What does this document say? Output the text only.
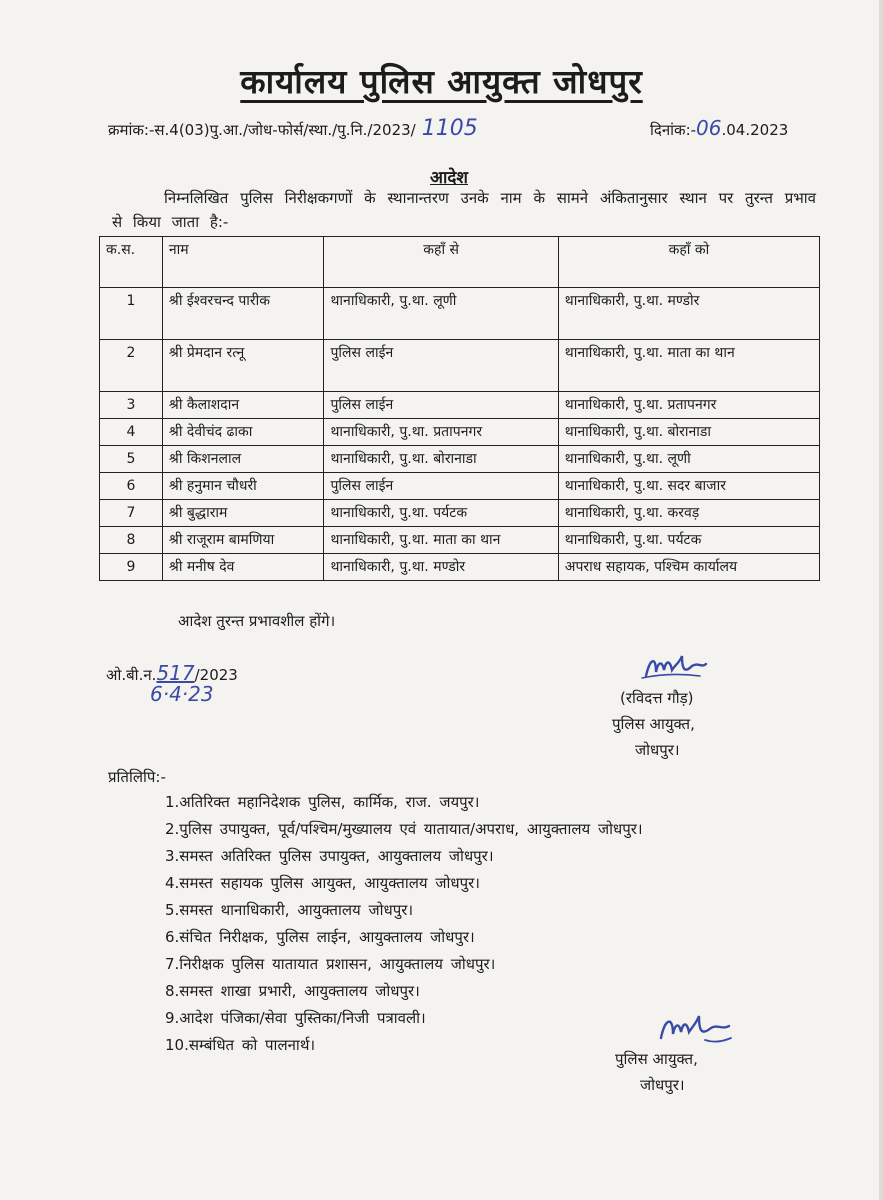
कार्यालय पुलिस आयुक्त जोधपुर
क्रमांक:-स.4(03)पु.आ./जोध-फोर्स/स्था./पु.नि./2023/ 1105	दिनांक:-06.04.2023
आदेश
निम्नलिखित पुलिस निरीक्षकगणों के स्थानान्तरण उनके नाम के सामने अंकितानुसार स्थान पर तुरन्त प्रभाव से किया जाता है:-
क.स.	नाम	कहाँ से	कहाँ को
1	श्री ईश्वरचन्द पारीक	थानाधिकारी, पु.था. लूणी	थानाधिकारी, पु.था. मण्डोर
2	श्री प्रेमदान रत्नू	पुलिस लाईन	थानाधिकारी, पु.था. माता का थान
3	श्री कैलाशदान	पुलिस लाईन	थानाधिकारी, पु.था. प्रतापनगर
4	श्री देवीचंद ढाका	थानाधिकारी, पु.था. प्रतापनगर	थानाधिकारी, पु.था. बोरानाडा
5	श्री किशनलाल	थानाधिकारी, पु.था. बोरानाडा	थानाधिकारी, पु.था. लूणी
6	श्री हनुमान चौधरी	पुलिस लाईन	थानाधिकारी, पु.था. सदर बाजार
7	श्री बुद्धाराम	थानाधिकारी, पु.था. पर्यटक	थानाधिकारी, पु.था. करवड़
8	श्री राजूराम बामणिया	थानाधिकारी, पु.था. माता का थान	थानाधिकारी, पु.था. पर्यटक
9	श्री मनीष देव	थानाधिकारी, पु.था. मण्डोर	अपराध सहायक, पश्चिम कार्यालय
आदेश तुरन्त प्रभावशील होंगे।
ओ.बी.न.517/2023
6·4·23	(रविदत्त गौड़)
पुलिस आयुक्त,
जोधपुर।
प्रतिलिपि:-
1.अतिरिक्त महानिदेशक पुलिस, कार्मिक, राज. जयपुर।
2.पुलिस उपायुक्त, पूर्व/पश्चिम/मुख्यालय एवं यातायात/अपराध, आयुक्तालय जोधपुर।
3.समस्त अतिरिक्त पुलिस उपायुक्त, आयुक्तालय जोधपुर।
4.समस्त सहायक पुलिस आयुक्त, आयुक्तालय जोधपुर।
5.समस्त थानाधिकारी, आयुक्तालय जोधपुर।
6.संचित निरीक्षक, पुलिस लाईन, आयुक्तालय जोधपुर।
7.निरीक्षक पुलिस यातायात प्रशासन, आयुक्तालय जोधपुर।
8.समस्त शाखा प्रभारी, आयुक्तालय जोधपुर।
9.आदेश पंजिका/सेवा पुस्तिका/निजी पत्रावली।
10.सम्बंधित को पालनार्थ।
पुलिस आयुक्त,
जोधपुर।
